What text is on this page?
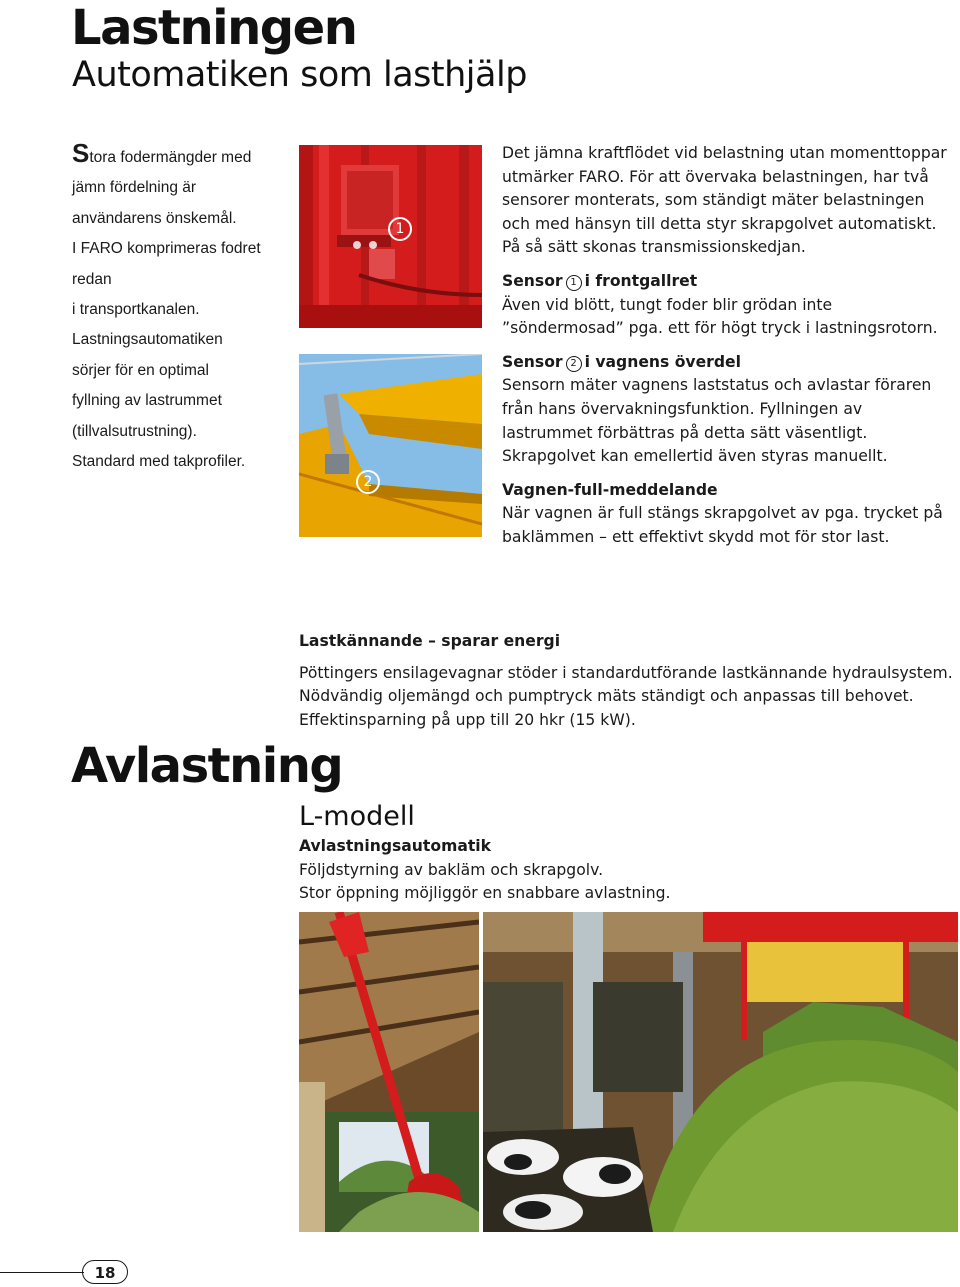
Lastningen
Automatiken som lasthjälp
Stora fodermängder med
jämn fördelning är
användarens önskemål.
I FARO komprimeras fodret
redan
i transportkanalen.
Lastningsautomatiken
sörjer för en optimal
fyllning av lastrummet
(tillvalsutrustning).
Standard med takprofiler.
1
2

Det jämna kraftflödet vid belastning utan momenttoppar utmärker FARO. För att övervaka belastningen, har två sensorer monterats, som ständigt mäter belastningen och med hänsyn till detta styr skrapgolvet automatiskt. På så sätt skonas transmissionskedjan.

Sensor 1 i frontgallret

Även vid blött, tungt foder blir grödan inte ”söndermosad” pga. ett för högt tryck i lastningsrotorn.

Sensor 2 i vagnens överdel

Sensorn mäter vagnens laststatus och avlastar föraren från hans övervakningsfunktion. Fyllningen av lastrummet förbättras på detta sätt väsentligt. Skrapgolvet kan emellertid även styras manuellt.

Vagnen-full-meddelande

När vagnen är full stängs skrapgolvet av pga. trycket på baklämmen – ett effektivt skydd mot för stor last.

Lastkännande – sparar energi

Pöttingers ensilagevagnar stöder i standardutförande lastkännande hydraulsystem. Nödvändig oljemängd och pumptryck mäts ständigt och anpassas till behovet. Effektinsparning på upp till 20 hkr (15 kW).

Avlastning
L-modell

Avlastningsautomatik

Följdstyrning av bakläm och skrapgolv.

Stor öppning möjliggör en snabbare avlastning.

18
